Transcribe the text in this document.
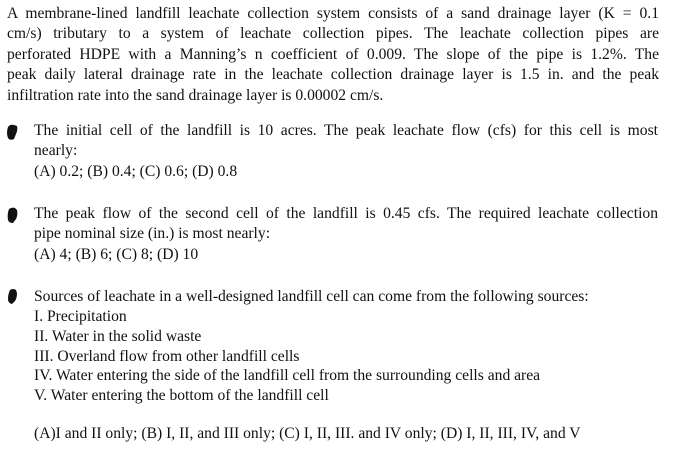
A membrane-lined landfill leachate collection system consists of a sand drainage layer (K = 0.1
cm/s) tributary to a system of leachate collection pipes. The leachate collection pipes are
perforated HDPE with a Manning’s n coefficient of 0.009. The slope of the pipe is 1.2%. The
peak daily lateral drainage rate in the leachate collection drainage layer is 1.5 in. and the peak
infiltration rate into the sand drainage layer is 0.00002 cm/s.
The initial cell of the landfill is 10 acres. The peak leachate flow (cfs) for this cell is most
nearly:
(A) 0.2; (B) 0.4; (C) 0.6; (D) 0.8
The peak flow of the second cell of the landfill is 0.45 cfs. The required leachate collection
pipe nominal size (in.) is most nearly:
(A) 4; (B) 6; (C) 8; (D) 10
Sources of leachate in a well-designed landfill cell can come from the following sources:
I. Precipitation
II. Water in the solid waste
III. Overland flow from other landfill cells
IV. Water entering the side of the landfill cell from the surrounding cells and area
V. Water entering the bottom of the landfill cell
(A)I and II only; (B) I, II, and III only; (C) I, II, III. and IV only; (D) I, II, III, IV, and V
